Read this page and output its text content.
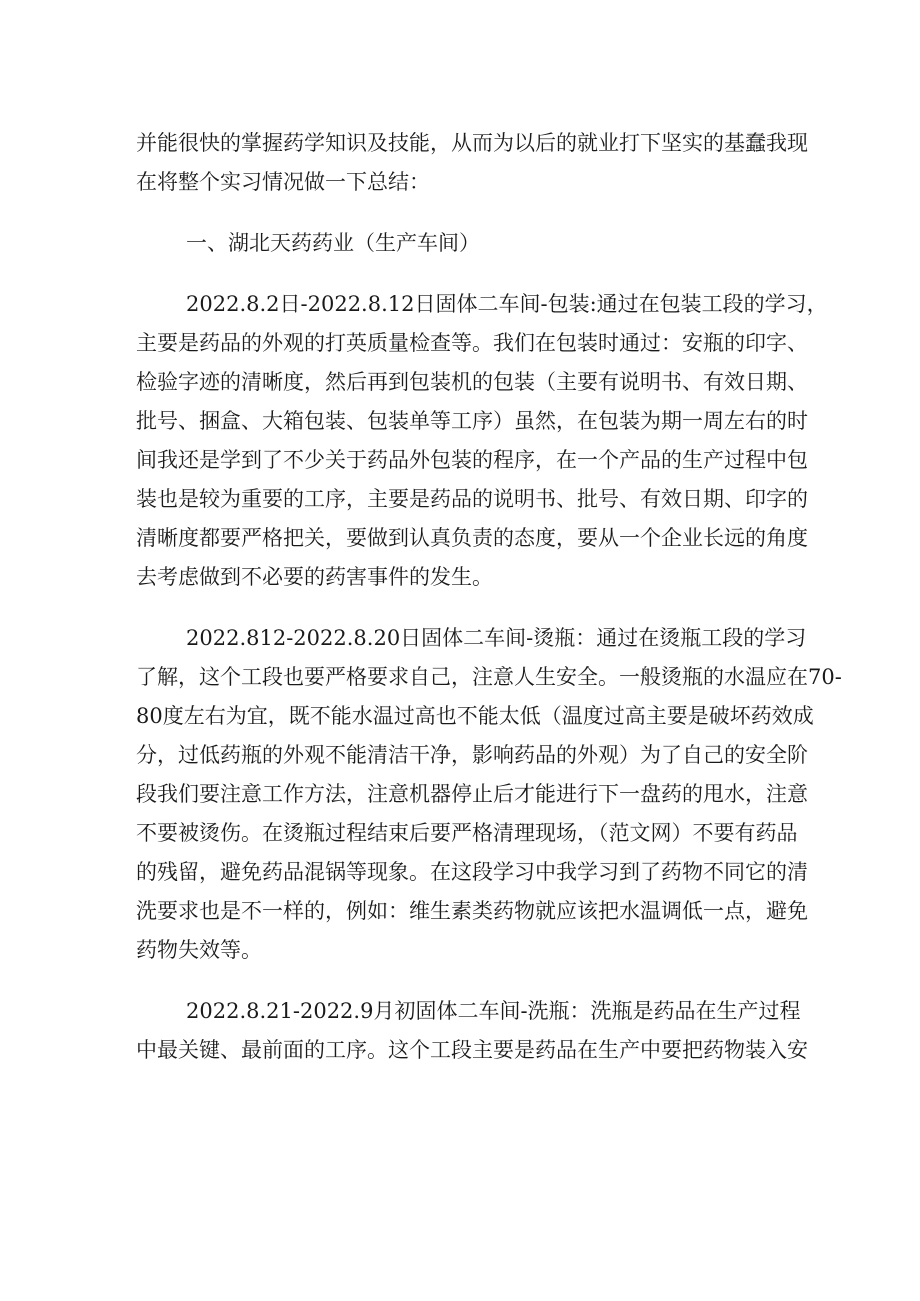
并能很快的掌握药学知识及技能，从而为以后的就业打下坚实的基蠢我现
在将整个实习情况做一下总结：
一、湖北天药药业（生产车间）
2022.8.2日-2022.8.12日固体二车间-包装:通过在包装工段的学习，
主要是药品的外观的打英质量检查等。我们在包装时通过：安瓶的印字、
检验字迹的清晰度，然后再到包装机的包装（主要有说明书、有效日期、
批号、捆盒、大箱包装、包装单等工序）虽然，在包装为期一周左右的时
间我还是学到了不少关于药品外包装的程序，在一个产品的生产过程中包
装也是较为重要的工序，主要是药品的说明书、批号、有效日期、印字的
清晰度都要严格把关，要做到认真负责的态度，要从一个企业长远的角度
去考虑做到不必要的药害事件的发生。
2022.812-2022.8.20日固体二车间-烫瓶：通过在烫瓶工段的学习
了解，这个工段也要严格要求自己，注意人生安全。一般烫瓶的水温应在70-
80度左右为宜，既不能水温过高也不能太低（温度过高主要是破坏药效成
分，过低药瓶的外观不能清洁干净，影响药品的外观）为了自己的安全阶
段我们要注意工作方法，注意机器停止后才能进行下一盘药的甩水，注意
不要被烫伤。在烫瓶过程结束后要严格清理现场，（范文网）不要有药品
的残留，避免药品混锅等现象。在这段学习中我学习到了药物不同它的清
洗要求也是不一样的，例如：维生素类药物就应该把水温调低一点，避免
药物失效等。
2022.8.21-2022.9月初固体二车间-洗瓶：洗瓶是药品在生产过程
中最关键、最前面的工序。这个工段主要是药品在生产中要把药物装入安
